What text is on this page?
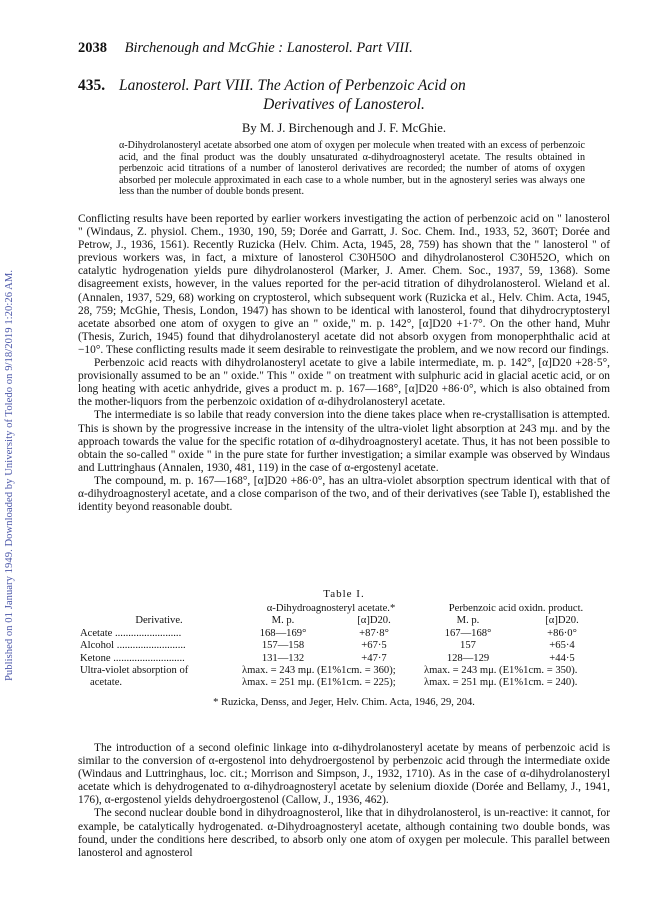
Published on 01 January 1949. Downloaded by University of Toledo on 9/18/2019 1:20:26 AM.
2038 Birchenough and McGhie : Lanosterol. Part VIII.
435. Lanosterol. Part VIII. The Action of Perbenzoic Acid on
Derivatives of Lanosterol.
By M. J. Birchenough and J. F. McGhie.
α-Dihydrolanosteryl acetate absorbed one atom of oxygen per molecule when treated with an excess of perbenzoic acid, and the final product was the doubly unsaturated α-dihydroagnosteryl acetate. The results obtained in perbenzoic acid titrations of a number of lanosterol derivatives are recorded; the number of atoms of oxygen absorbed per molecule approximated in each case to a whole number, but in the agnosteryl series was always one less than the number of double bonds present.

Conflicting results have been reported by earlier workers investigating the action of perbenzoic acid on " lanosterol " (Windaus, Z. physiol. Chem., 1930, 190, 59; Dorée and Garratt, J. Soc. Chem. Ind., 1933, 52, 360T; Dorée and Petrow, J., 1936, 1561). Recently Ruzicka (Helv. Chim. Acta, 1945, 28, 759) has shown that the " lanosterol " of previous workers was, in fact, a mixture of lanosterol C30H50O and dihydrolanosterol C30H52O, which on catalytic hydrogenation yields pure dihydrolanosterol (Marker, J. Amer. Chem. Soc., 1937, 59, 1368). Some disagreement exists, however, in the values reported for the per-acid titration of dihydrolanosterol. Wieland et al. (Annalen, 1937, 529, 68) working on cryptosterol, which subsequent work (Ruzicka et al., Helv. Chim. Acta, 1945, 28, 759; McGhie, Thesis, London, 1947) has shown to be identical with lanosterol, found that dihydrocryptosteryl acetate absorbed one atom of oxygen to give an " oxide," m. p. 142°, [α]D20 +1·7°. On the other hand, Muhr (Thesis, Zurich, 1945) found that dihydrolanosteryl acetate did not absorb oxygen from monoperphthalic acid at −10°. These conflicting results made it seem desirable to reinvestigate the problem, and we now record our findings.

Perbenzoic acid reacts with dihydrolanosteryl acetate to give a labile intermediate, m. p. 142°, [α]D20 +28·5°, provisionally assumed to be an " oxide." This " oxide " on treatment with sulphuric acid in glacial acetic acid, or on long heating with acetic anhydride, gives a product m. p. 167—168°, [α]D20 +86·0°, which is also obtained from the mother-liquors from the perbenzoic oxidation of α-dihydrolanosteryl acetate.

The intermediate is so labile that ready conversion into the diene takes place when re-crystallisation is attempted. This is shown by the progressive increase in the intensity of the ultra-violet light absorption at 243 mμ. and by the approach towards the value for the specific rotation of α-dihydroagnosteryl acetate. Thus, it has not been possible to obtain the so-called " oxide " in the pure state for further investigation; a similar example was observed by Windaus and Luttringhaus (Annalen, 1930, 481, 119) in the case of α-ergostenyl acetate.

The compound, m. p. 167—168°, [α]D20 +86·0°, has an ultra-violet absorption spectrum identical with that of α-dihydroagnosteryl acetate, and a close comparison of the two, and of their derivatives (see Table I), established the identity beyond reasonable doubt.

Table I.
	α-Dihydroagnosteryl acetate.*		Perbenzoic acid oxidn. product.	
Derivative.	M. p.	[α]D20.	M. p.	[α]D20.
Acetate .........................	168—169°	+87·8°	167—168°	+86·0°
Alcohol ..........................	157—158	+67·5	157	+65·4
Ketone ...........................	131—132	+47·7	128—129	+44·5
Ultra-violet absorption of	λmax. = 243 mμ. (E1%1cm. = 360);		λmax. = 243 mμ. (E1%1cm. = 350).	
acetate.	λmax. = 251 mμ. (E1%1cm. = 225);		λmax. = 251 mμ. (E1%1cm. = 240).	
* Ruzicka, Denss, and Jeger, Helv. Chim. Acta, 1946, 29, 204.

The introduction of a second olefinic linkage into α-dihydrolanosteryl acetate by means of perbenzoic acid is similar to the conversion of α-ergostenol into dehydroergostenol by perbenzoic acid through the intermediate oxide (Windaus and Luttringhaus, loc. cit.; Morrison and Simpson, J., 1932, 1710). As in the case of α-dihydrolanosteryl acetate which is dehydrogenated to α-dihydroagnosteryl acetate by selenium dioxide (Dorée and Bellamy, J., 1941, 176), α-ergostenol yields dehydroergostenol (Callow, J., 1936, 462).

The second nuclear double bond in dihydroagnosterol, like that in dihydrolanosterol, is un-reactive: it cannot, for example, be catalytically hydrogenated. α-Dihydroagnosteryl acetate, although containing two double bonds, was found, under the conditions here described, to absorb only one atom of oxygen per molecule. This parallel between lanosterol and agnosterol
